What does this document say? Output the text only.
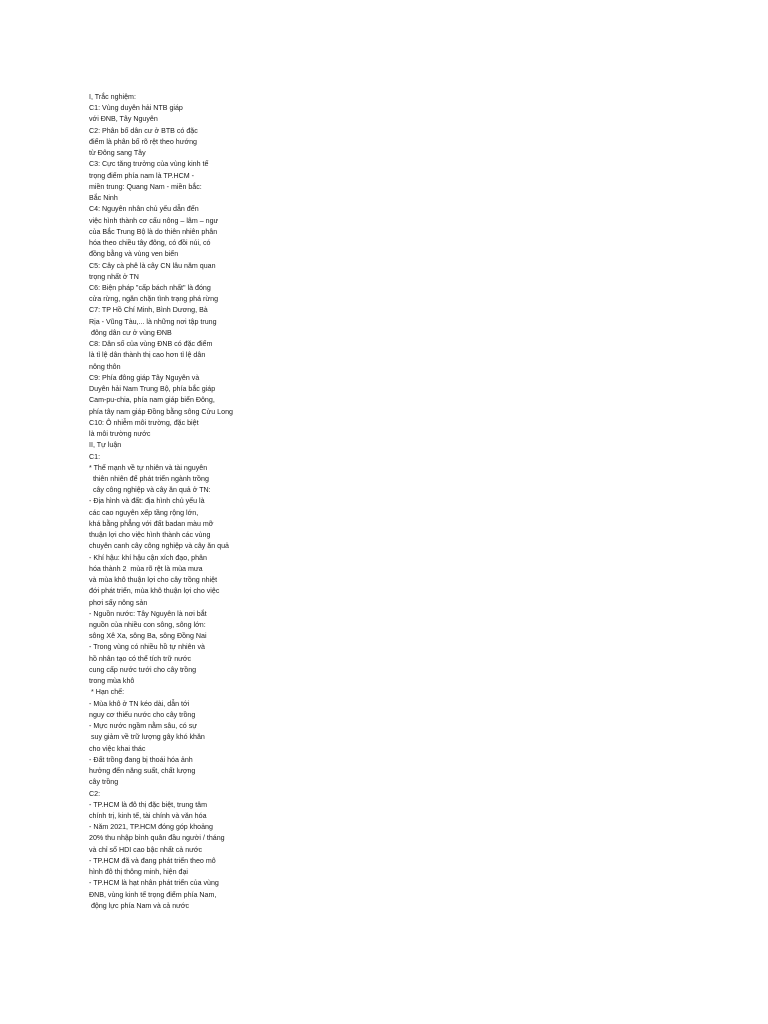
I, Trắc nghiệm:
C1: Vùng duyên hải NTB giáp
với ĐNB, Tây Nguyên
C2: Phân bố dân cư ở BTB có đặc
điểm là phân bố rõ rệt theo hướng
từ Đông sang Tây
C3: Cực tăng trưởng của vùng kinh tế
trọng điểm phía nam là TP.HCM -
miền trung: Quang Nam - miền bắc:
Bắc Ninh
C4: Nguyên nhân chủ yếu dẫn đến
việc hình thành cơ cấu nông – lâm – ngư
của Bắc Trung Bộ là do thiên nhiên phân
hóa theo chiều tây đông, có đồi núi, có
đồng bằng và vùng ven biển
C5: Cây cà phê là cây CN lâu năm quan
trọng nhất ở TN
C6: Biện pháp "cấp bách nhất" là đóng
cửa rừng, ngăn chặn tình trạng phá rừng
C7: TP Hồ Chí Minh, Bình Dương, Bà
Rịa - Vũng Tàu,... là những nơi tập trung
đông dân cư ở vùng ĐNB
C8: Dân số của vùng ĐNB có đặc điểm
là tỉ lệ dân thành thị cao hơn tỉ lệ dân
nông thôn
C9: Phía đông giáp Tây Nguyên và
Duyên hải Nam Trung Bộ, phía bắc giáp
Cam-pu-chia, phía nam giáp biển Đông,
phía tây nam giáp Đồng bằng sông Cửu Long
C10: Ô nhiễm môi trường, đặc biệt
là môi trường nước
II, Tự luận
C1:
* Thế mạnh về tự nhiên và tài nguyên
thiên nhiên để phát triển ngành trồng
cây công nghiệp và cây ăn quả ở TN:
- Địa hình và đất: địa hình chủ yếu là
các cao nguyên xếp tầng rộng lớn,
khá bằng phẳng với đất badan màu mỡ
thuận lợi cho việc hình thành các vùng
chuyên canh cây công nghiệp và cây ăn quả
- Khí hậu: khí hậu cận xích đạo, phân
hóa thành 2  mùa rõ rệt là mùa mưa
và mùa khô thuận lợi cho cây trồng nhiệt
đới phát triển, mùa khô thuận lợi cho việc
phơi sấy nông sản
- Nguồn nước: Tây Nguyên là nơi bắt
nguồn của nhiều con sông, sông lớn:
sông Xê Xa, sông Ba, sông Đồng Nai
- Trong vùng có nhiều hồ tự nhiên và
hồ nhân tạo có thể tích trữ nước
cung cấp nước tưới cho cây trồng
trong mùa khô
* Hạn chế:
- Mùa khô ở TN kéo dài, dẫn tới
nguy cơ thiếu nước cho cây trồng
- Mực nước ngầm nằm sâu, có sự
suy giảm về trữ lượng gây khó khăn
cho việc khai thác
- Đất trồng đang bị thoái hóa ảnh
hưởng đến năng suất, chất lượng
cây trồng
C2:
- TP.HCM là đô thị đặc biệt, trung tâm
chính trị, kinh tế, tài chính và văn hóa
- Năm 2021, TP.HCM đóng góp khoảng
20% thu nhập bình quân đầu người / tháng
và chỉ số HDI cao bậc nhất cả nước
- TP.HCM đã và đang phát triển theo mô
hình đô thị thông minh, hiện đại
- TP.HCM là hạt nhân phát triển của vùng
ĐNB, vùng kinh tế trọng điểm phía Nam,
động lực phía Nam và cả nước
